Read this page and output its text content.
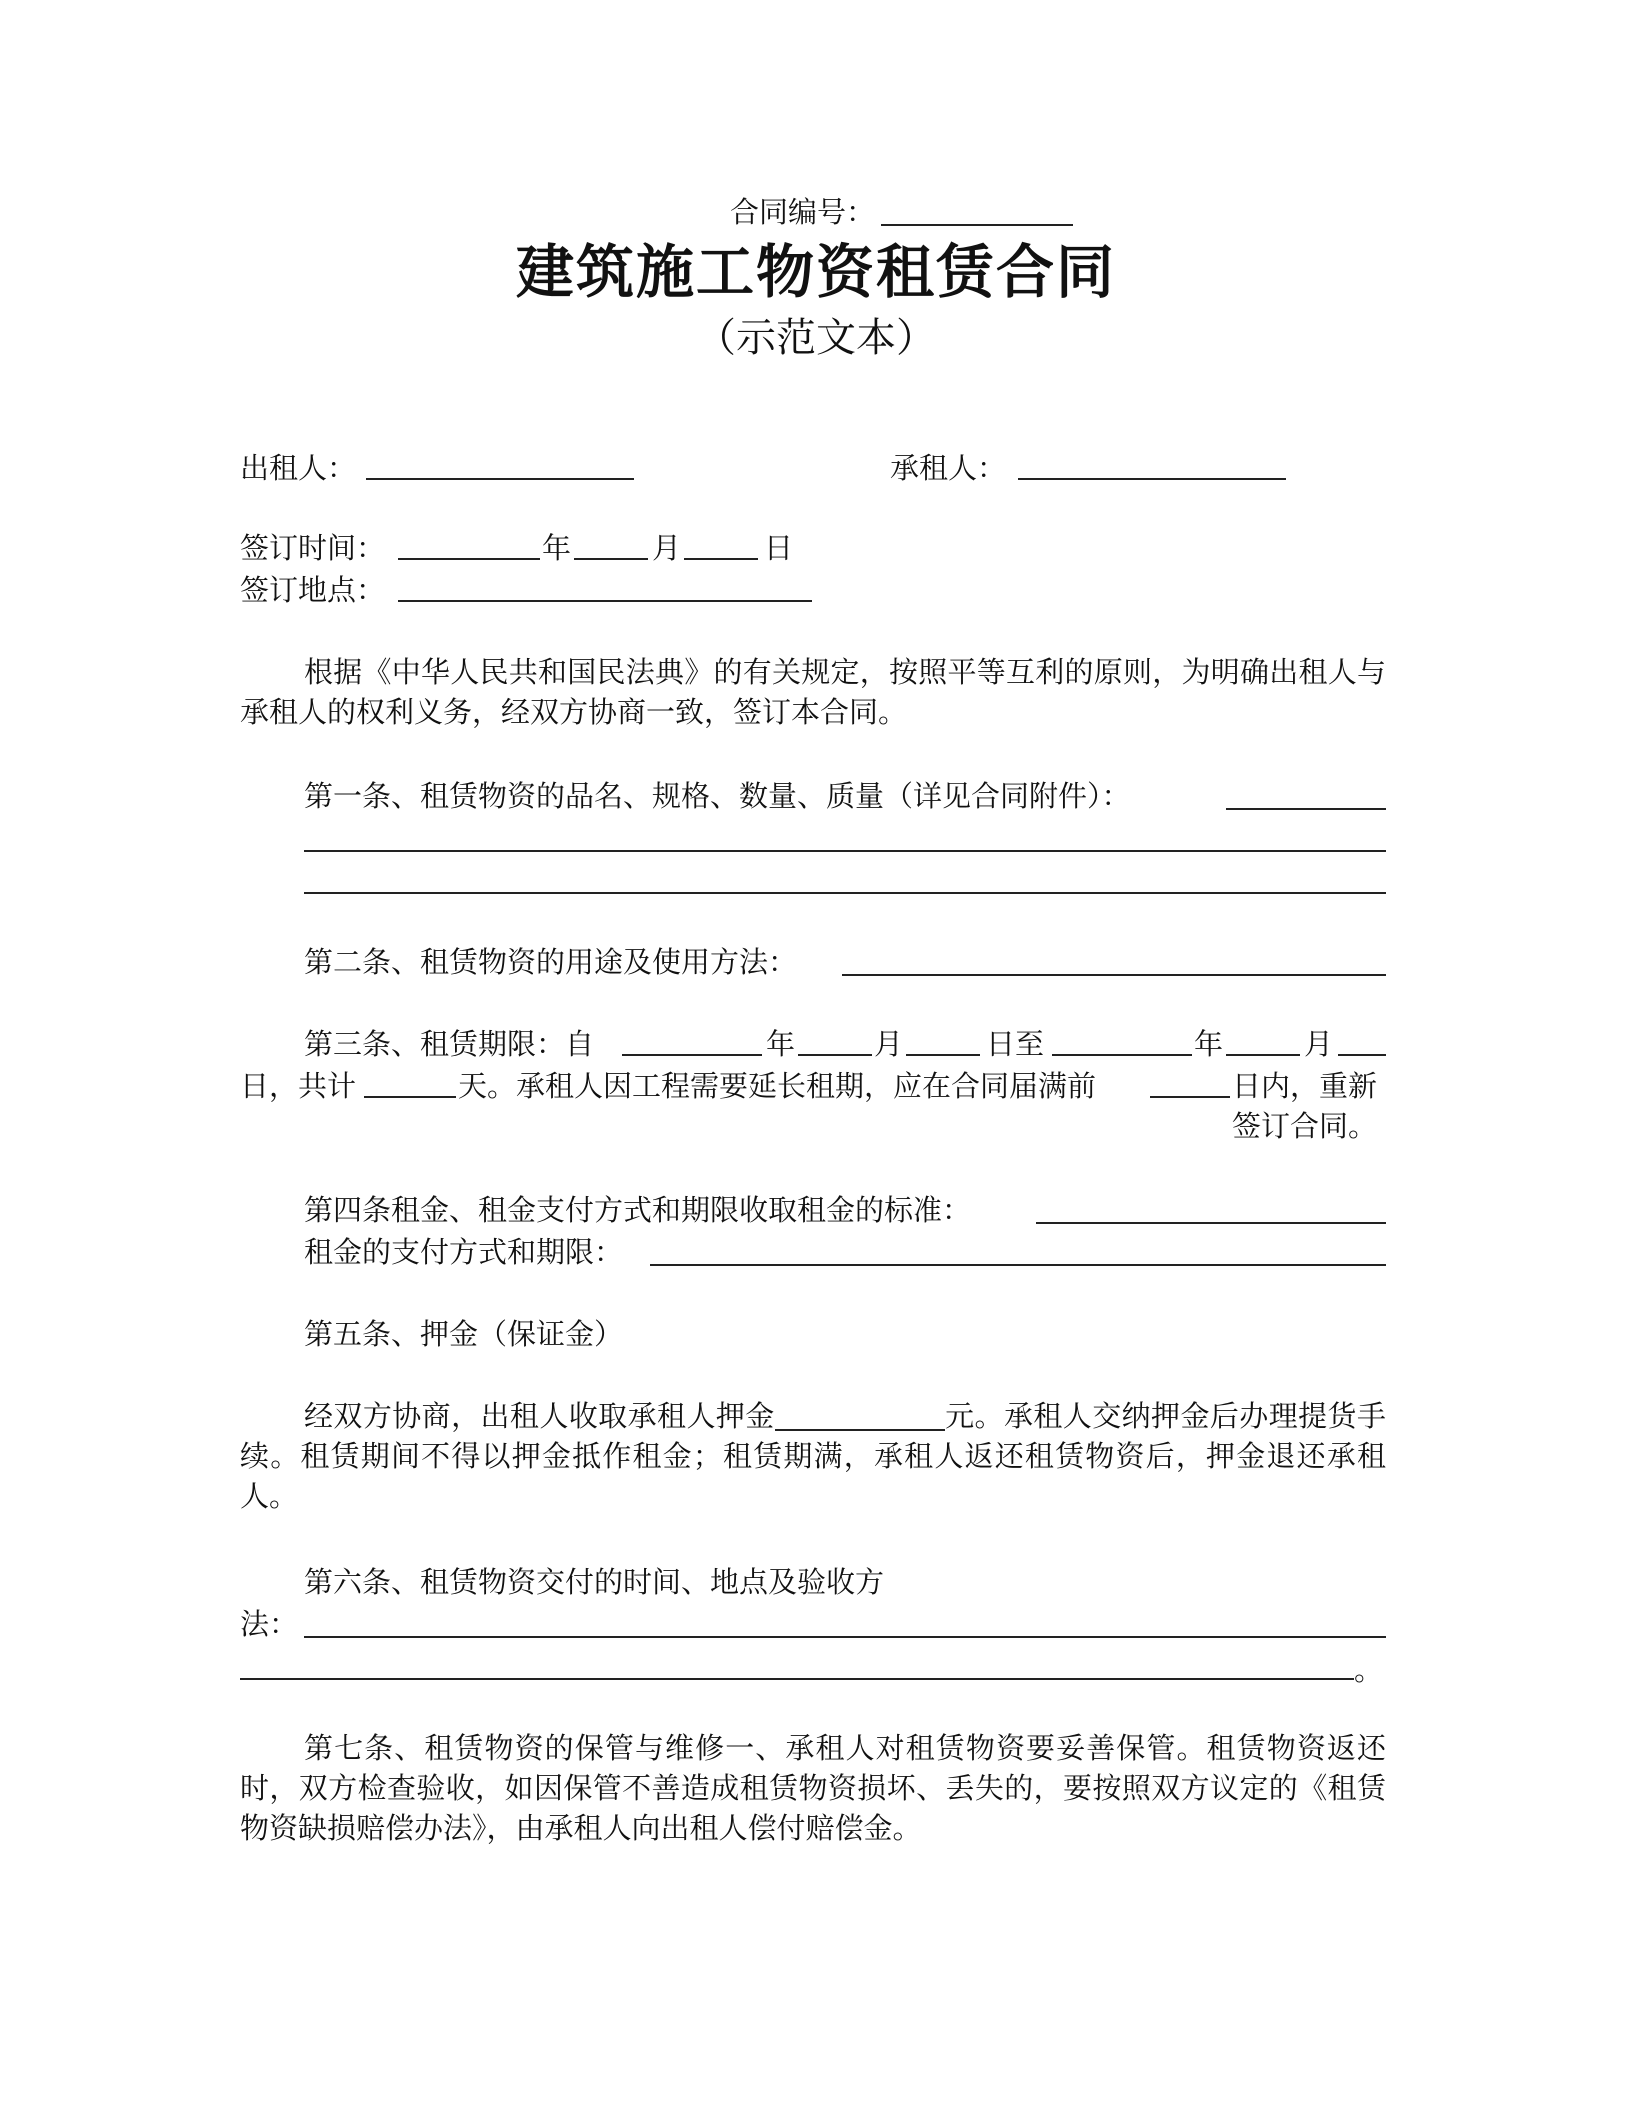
合同编号：
建筑施工物资租赁合同
（示范文本）
出租人：	承租人：
签订时间：	年	月	日
签订地点：
根据《中华人民共和国民法典》的有关规定，按照平等互利的原则，为明确出租人与承租人的权利义务，经双方协商一致，签订本合同。
第一条、租赁物资的品名、规格、数量、质量（详见合同附件）：
第二条、租赁物资的用途及使用方法：
第三条、租赁期限：自	年	月	日至	年	月
日，共计	天。承租人因工程需要延长租期，应在合同届满前	日内，重新签订合同。
第四条租金、租金支付方式和期限收取租金的标准：
租金的支付方式和期限：
第五条、押金（保证金）
经双方协商，出租人收取承租人押金	元。承租人交纳押金后办理提货手续。租赁期间不得以押金抵作租金；租赁期满，承租人返还租赁物资后，押金退还承租人。
第六条、租赁物资交付的时间、地点及验收方
法：
。
第七条、租赁物资的保管与维修一、承租人对租赁物资要妥善保管。租赁物资返还时，双方检查验收，如因保管不善造成租赁物资损坏、丢失的，要按照双方议定的《租赁物资缺损赔偿办法》，由承租人向出租人偿付赔偿金。
